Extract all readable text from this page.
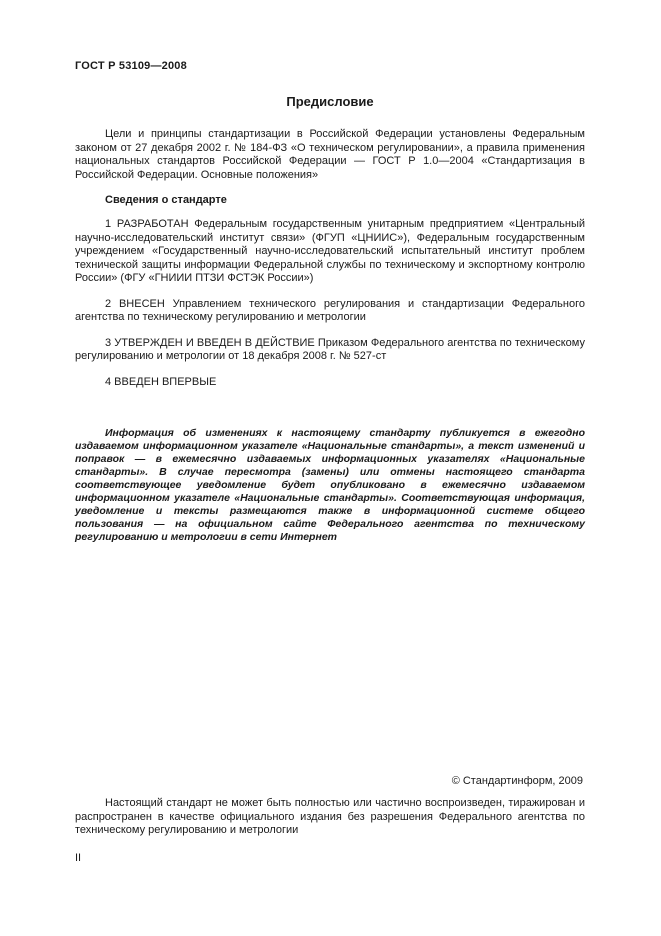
ГОСТ Р 53109—2008
Предисловие

Цели и принципы стандартизации в Российской Федерации установлены Федеральным законом от 27 декабря 2002 г. № 184-ФЗ «О техническом регулировании», а правила применения национальных стандартов Российской Федерации — ГОСТ Р 1.0—2004 «Стандартизация в Российской Федерации. Основные положения»

Сведения о стандарте

1 РАЗРАБОТАН Федеральным государственным унитарным предприятием «Центральный научно-исследовательский институт связи» (ФГУП «ЦНИИС»), Федеральным государственным учреждением «Государственный научно-исследовательский испытательный институт проблем технической защиты информации Федеральной службы по техническому и экспортному контролю России» (ФГУ «ГНИИИ ПТЗИ ФСТЭК России»)

2 ВНЕСЕН Управлением технического регулирования и стандартизации Федерального агентства по техническому регулированию и метрологии

3 УТВЕРЖДЕН И ВВЕДЕН В ДЕЙСТВИЕ Приказом Федерального агентства по техническому регулированию и метрологии от 18 декабря 2008 г. № 527-ст

4 ВВЕДЕН ВПЕРВЫЕ

Информация об изменениях к настоящему стандарту публикуется в ежегодно издаваемом информационном указателе «Национальные стандарты», а текст изменений и поправок — в ежемесячно издаваемых информационных указателях «Национальные стандарты». В случае пересмотра (замены) или отмены настоящего стандарта соответствующее уведомление будет опубликовано в ежемесячно издаваемом информационном указателе «Национальные стандарты». Соответствующая информация, уведомление и тексты размещаются также в информационной системе общего пользования — на официальном сайте Федерального агентства по техническому регулированию и метрологии в сети Интернет

© Стандартинформ, 2009

Настоящий стандарт не может быть полностью или частично воспроизведен, тиражирован и распространен в качестве официального издания без разрешения Федерального агентства по техническому регулированию и метрологии

II
